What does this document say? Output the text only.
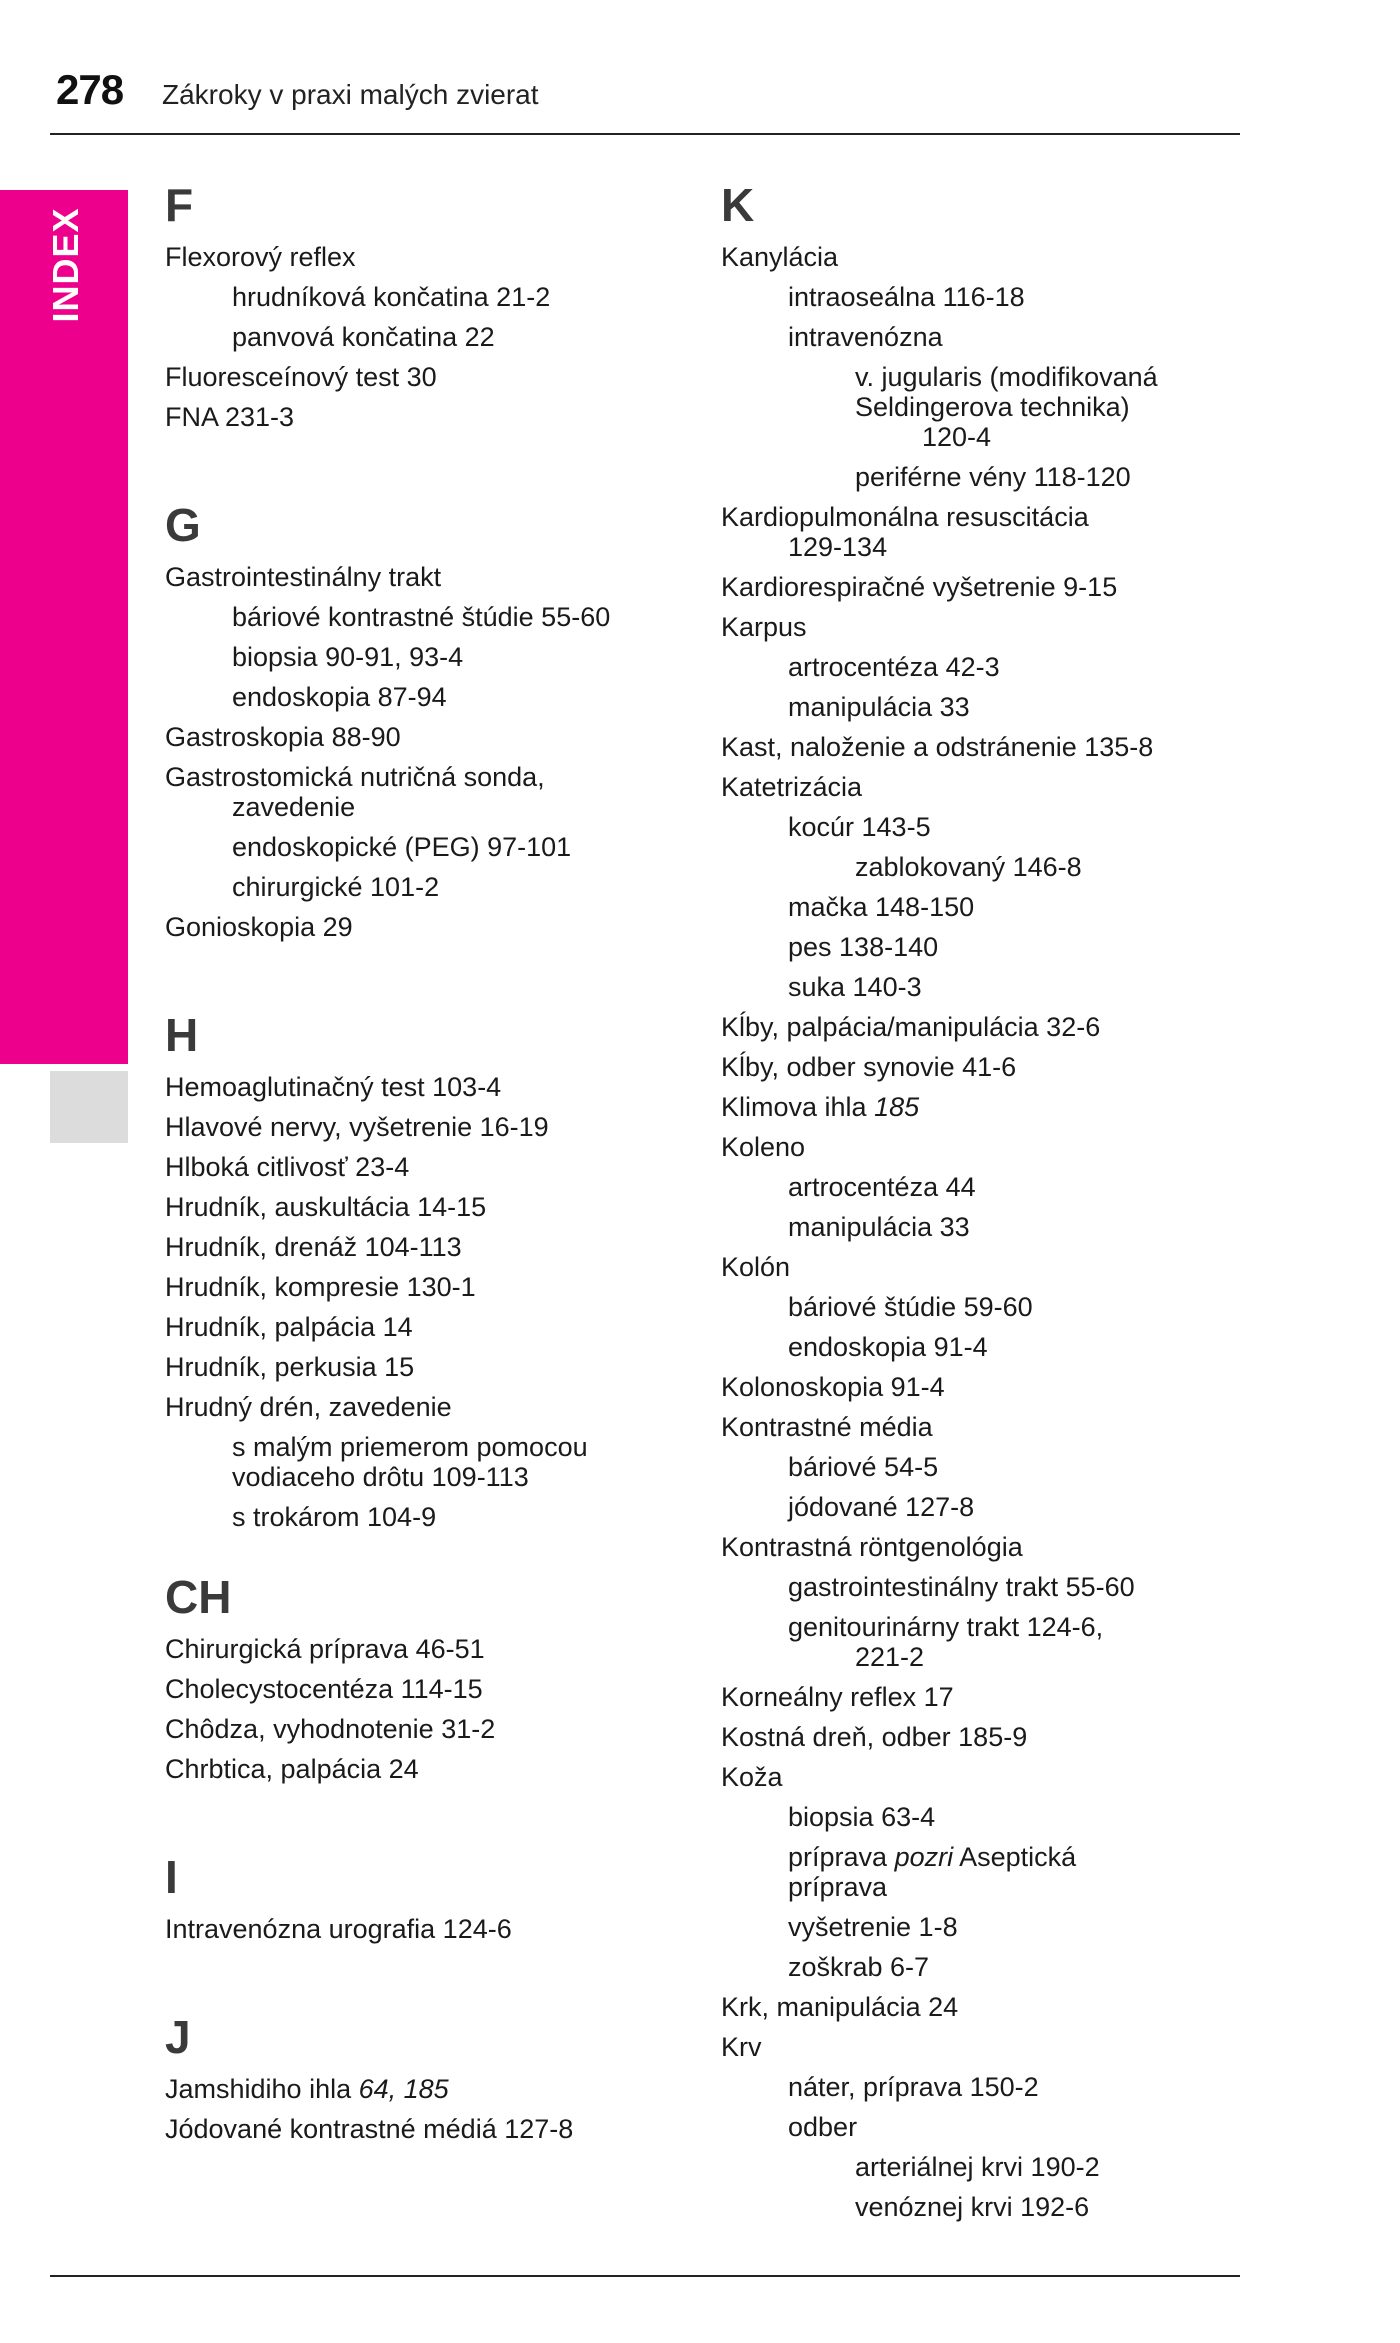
278 Zákroky v praxi malých zvierat
INDEX
F
Flexorový reflex
hrudníková končatina 21-2
panvová končatina 22
Fluoresceínový test 30
FNA 231-3
G
Gastrointestinálny trakt
báriové kontrastné štúdie 55-60
biopsia 90-91, 93-4
endoskopia 87-94
Gastroskopia 88-90
Gastrostomická nutričná sonda,
zavedenie
endoskopické (PEG) 97-101
chirurgické 101-2
Gonioskopia 29
H
Hemoaglutinačný test 103-4
Hlavové nervy, vyšetrenie 16-19
Hlboká citlivosť 23-4
Hrudník, auskultácia 14-15
Hrudník, drenáž 104-113
Hrudník, kompresie 130-1
Hrudník, palpácia 14
Hrudník, perkusia 15
Hrudný drén, zavedenie
s malým priemerom pomocou
vodiaceho drôtu 109-113
s trokárom 104-9
CH
Chirurgická príprava 46-51
Cholecystocentéza 114-15
Chôdza, vyhodnotenie 31-2
Chrbtica, palpácia 24
I
Intravenózna urografia 124-6
J
Jamshidiho ihla 64, 185
Jódované kontrastné médiá 127-8
K
Kanylácia
intraoseálna 116-18
intravenózna
v. jugularis (modifikovaná
Seldingerova technika)
120-4
periférne vény 118-120
Kardiopulmonálna resuscitácia
129-134
Kardiorespiračné vyšetrenie 9-15
Karpus
artrocentéza 42-3
manipulácia 33
Kast, naloženie a odstránenie 135-8
Katetrizácia
kocúr 143-5
zablokovaný 146-8
mačka 148-150
pes 138-140
suka 140-3
Kĺby, palpácia/manipulácia 32-6
Kĺby, odber synovie 41-6
Klimova ihla 185
Koleno
artrocentéza 44
manipulácia 33
Kolón
báriové štúdie 59-60
endoskopia 91-4
Kolonoskopia 91-4
Kontrastné média
báriové 54-5
jódované 127-8
Kontrastná röntgenológia
gastrointestinálny trakt 55-60
genitourinárny trakt 124-6,
221-2
Korneálny reflex 17
Kostná dreň, odber 185-9
Koža
biopsia 63-4
príprava pozri Aseptická
príprava
vyšetrenie 1-8
zoškrab 6-7
Krk, manipulácia 24
Krv
náter, príprava 150-2
odber
arteriálnej krvi 190-2
venóznej krvi 192-6
